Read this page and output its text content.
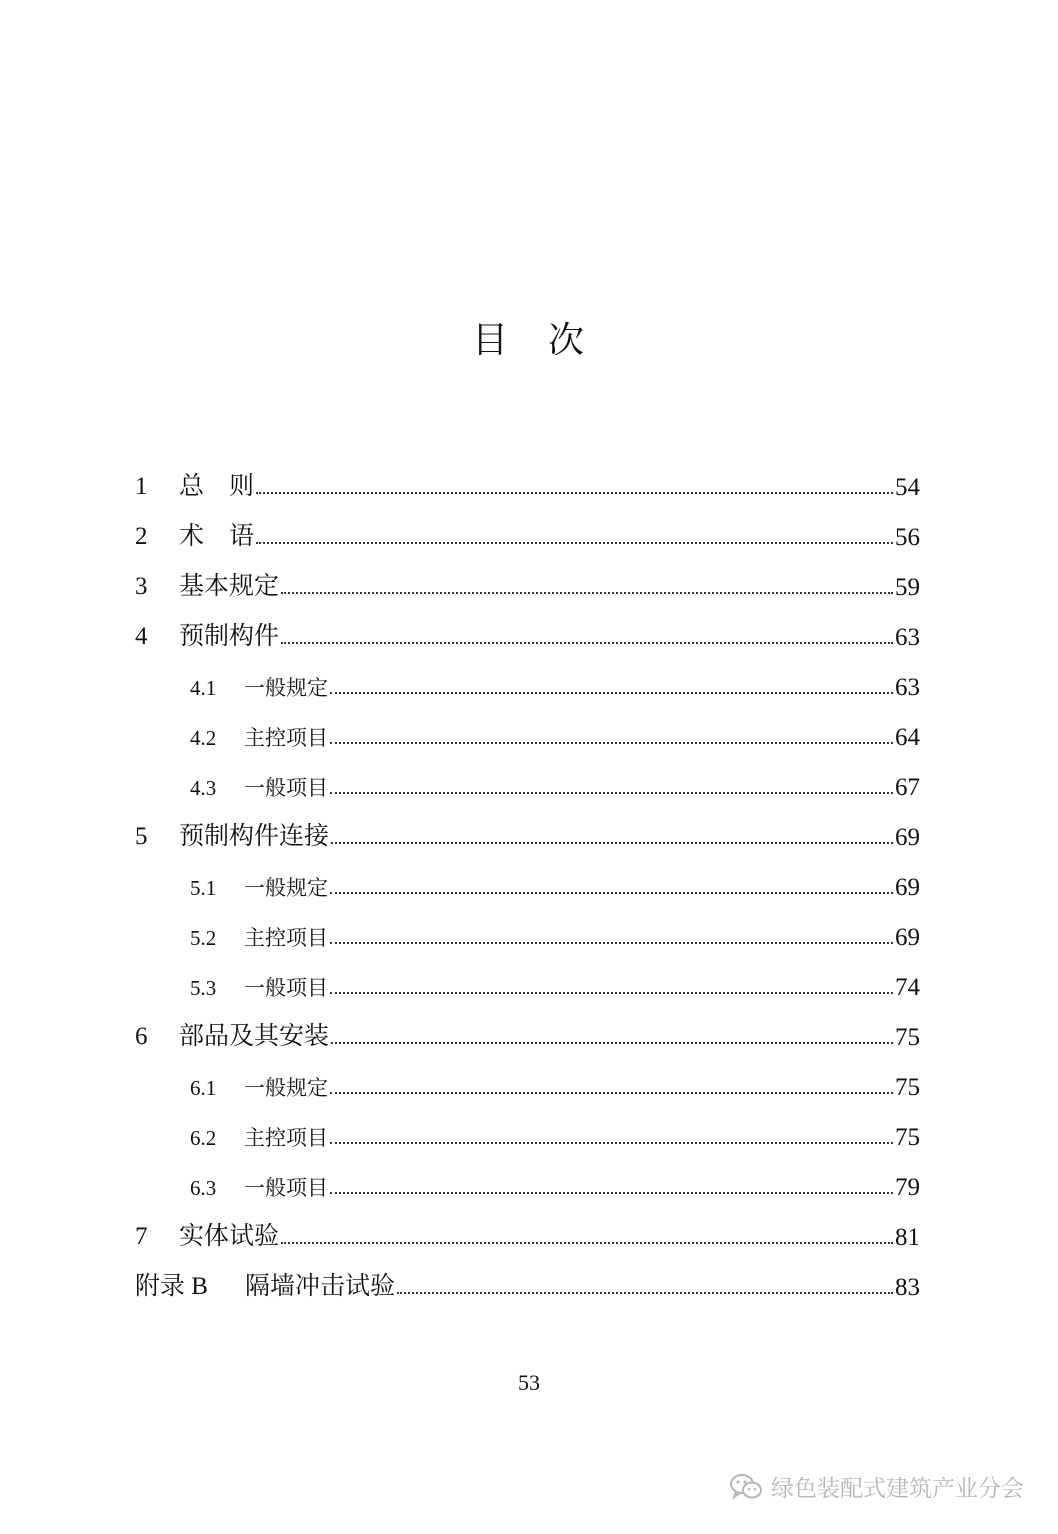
目　次
1 总　则	54
2 术　语	56
3 基本规定	59
4 预制构件	63
4.1 一般规定	63
4.2 主控项目	64
4.3 一般项目	67
5 预制构件连接	69
5.1 一般规定	69
5.2 主控项目	69
5.3 一般项目	74
6 部品及其安装	75
6.1 一般规定	75
6.2 主控项目	75
6.3 一般项目	79
7 实体试验	81
附录 B 隔墙冲击试验	83
53
绿色装配式建筑产业分会
